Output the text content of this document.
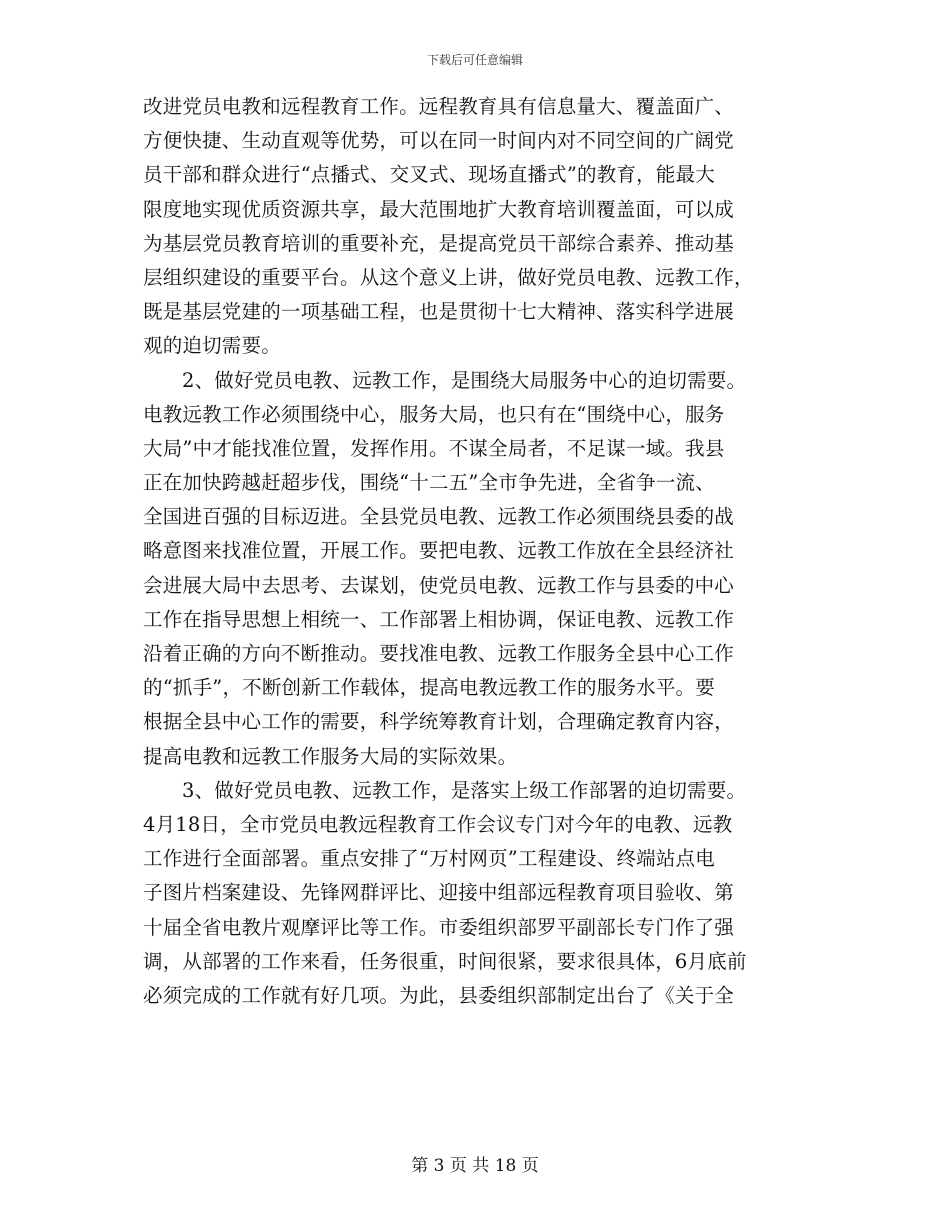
下载后可任意编辑
改进党员电教和远程教育工作。远程教育具有信息量大、覆盖面广、
方便快捷、生动直观等优势，可以在同一时间内对不同空间的广阔党
员干部和群众进行“点播式、交叉式、现场直播式”的教育，能最大
限度地实现优质资源共享，最大范围地扩大教育培训覆盖面，可以成
为基层党员教育培训的重要补充，是提高党员干部综合素养、推动基
层组织建设的重要平台。从这个意义上讲，做好党员电教、远教工作，
既是基层党建的一项基础工程，也是贯彻十七大精神、落实科学进展
观的迫切需要。
2、做好党员电教、远教工作，是围绕大局服务中心的迫切需要。
电教远教工作必须围绕中心，服务大局，也只有在“围绕中心，服务
大局”中才能找准位置，发挥作用。不谋全局者，不足谋一域。我县
正在加快跨越赶超步伐，围绕“十二五”全市争先进，全省争一流、
全国进百强的目标迈进。全县党员电教、远教工作必须围绕县委的战
略意图来找准位置，开展工作。要把电教、远教工作放在全县经济社
会进展大局中去思考、去谋划，使党员电教、远教工作与县委的中心
工作在指导思想上相统一、工作部署上相协调，保证电教、远教工作
沿着正确的方向不断推动。要找准电教、远教工作服务全县中心工作
的“抓手”，不断创新工作载体，提高电教远教工作的服务水平。要
根据全县中心工作的需要，科学统筹教育计划，合理确定教育内容，
提高电教和远教工作服务大局的实际效果。
3、做好党员电教、远教工作，是落实上级工作部署的迫切需要。
4月18日，全市党员电教远程教育工作会议专门对今年的电教、远教
工作进行全面部署。重点安排了“万村网页”工程建设、终端站点电
子图片档案建设、先锋网群评比、迎接中组部远程教育项目验收、第
十届全省电教片观摩评比等工作。市委组织部罗平副部长专门作了强
调，从部署的工作来看，任务很重，时间很紧，要求很具体，6月底前
必须完成的工作就有好几项。为此，县委组织部制定出台了《关于全
第 3 页 共 18 页
